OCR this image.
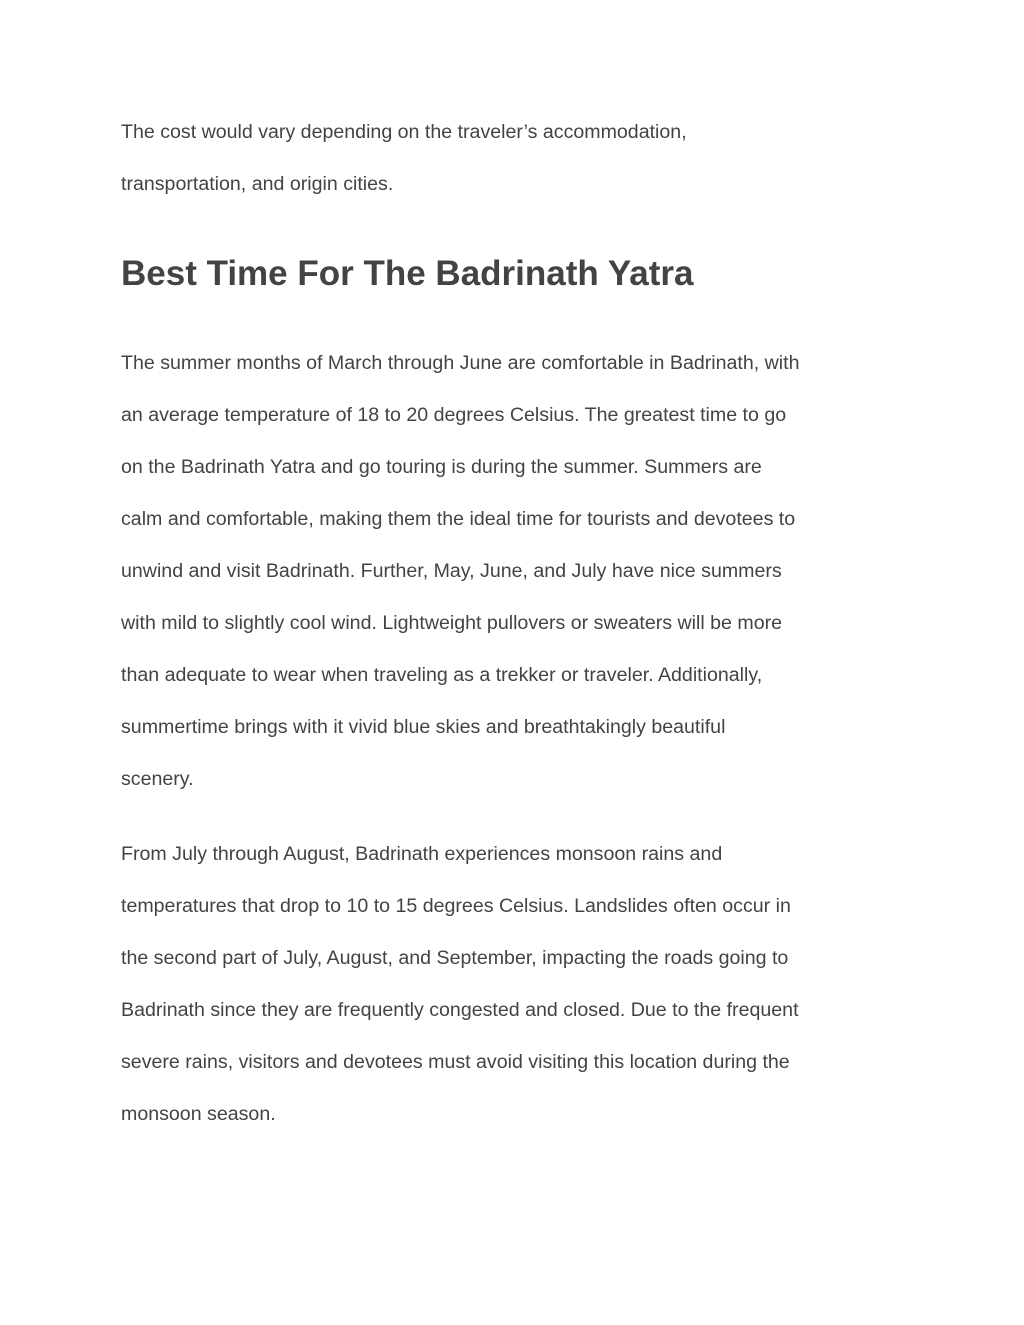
The cost would vary depending on the traveler’s accommodation,
transportation, and origin cities.

Best Time For The Badrinath Yatra

The summer months of March through June are comfortable in Badrinath, with
an average temperature of 18 to 20 degrees Celsius. The greatest time to go
on the Badrinath Yatra and go touring is during the summer. Summers are
calm and comfortable, making them the ideal time for tourists and devotees to
unwind and visit Badrinath. Further, May, June, and July have nice summers
with mild to slightly cool wind. Lightweight pullovers or sweaters will be more
than adequate to wear when traveling as a trekker or traveler. Additionally,
summertime brings with it vivid blue skies and breathtakingly beautiful
scenery.

From July through August, Badrinath experiences monsoon rains and
temperatures that drop to 10 to 15 degrees Celsius. Landslides often occur in
the second part of July, August, and September, impacting the roads going to
Badrinath since they are frequently congested and closed. Due to the frequent
severe rains, visitors and devotees must avoid visiting this location during the
monsoon season.
